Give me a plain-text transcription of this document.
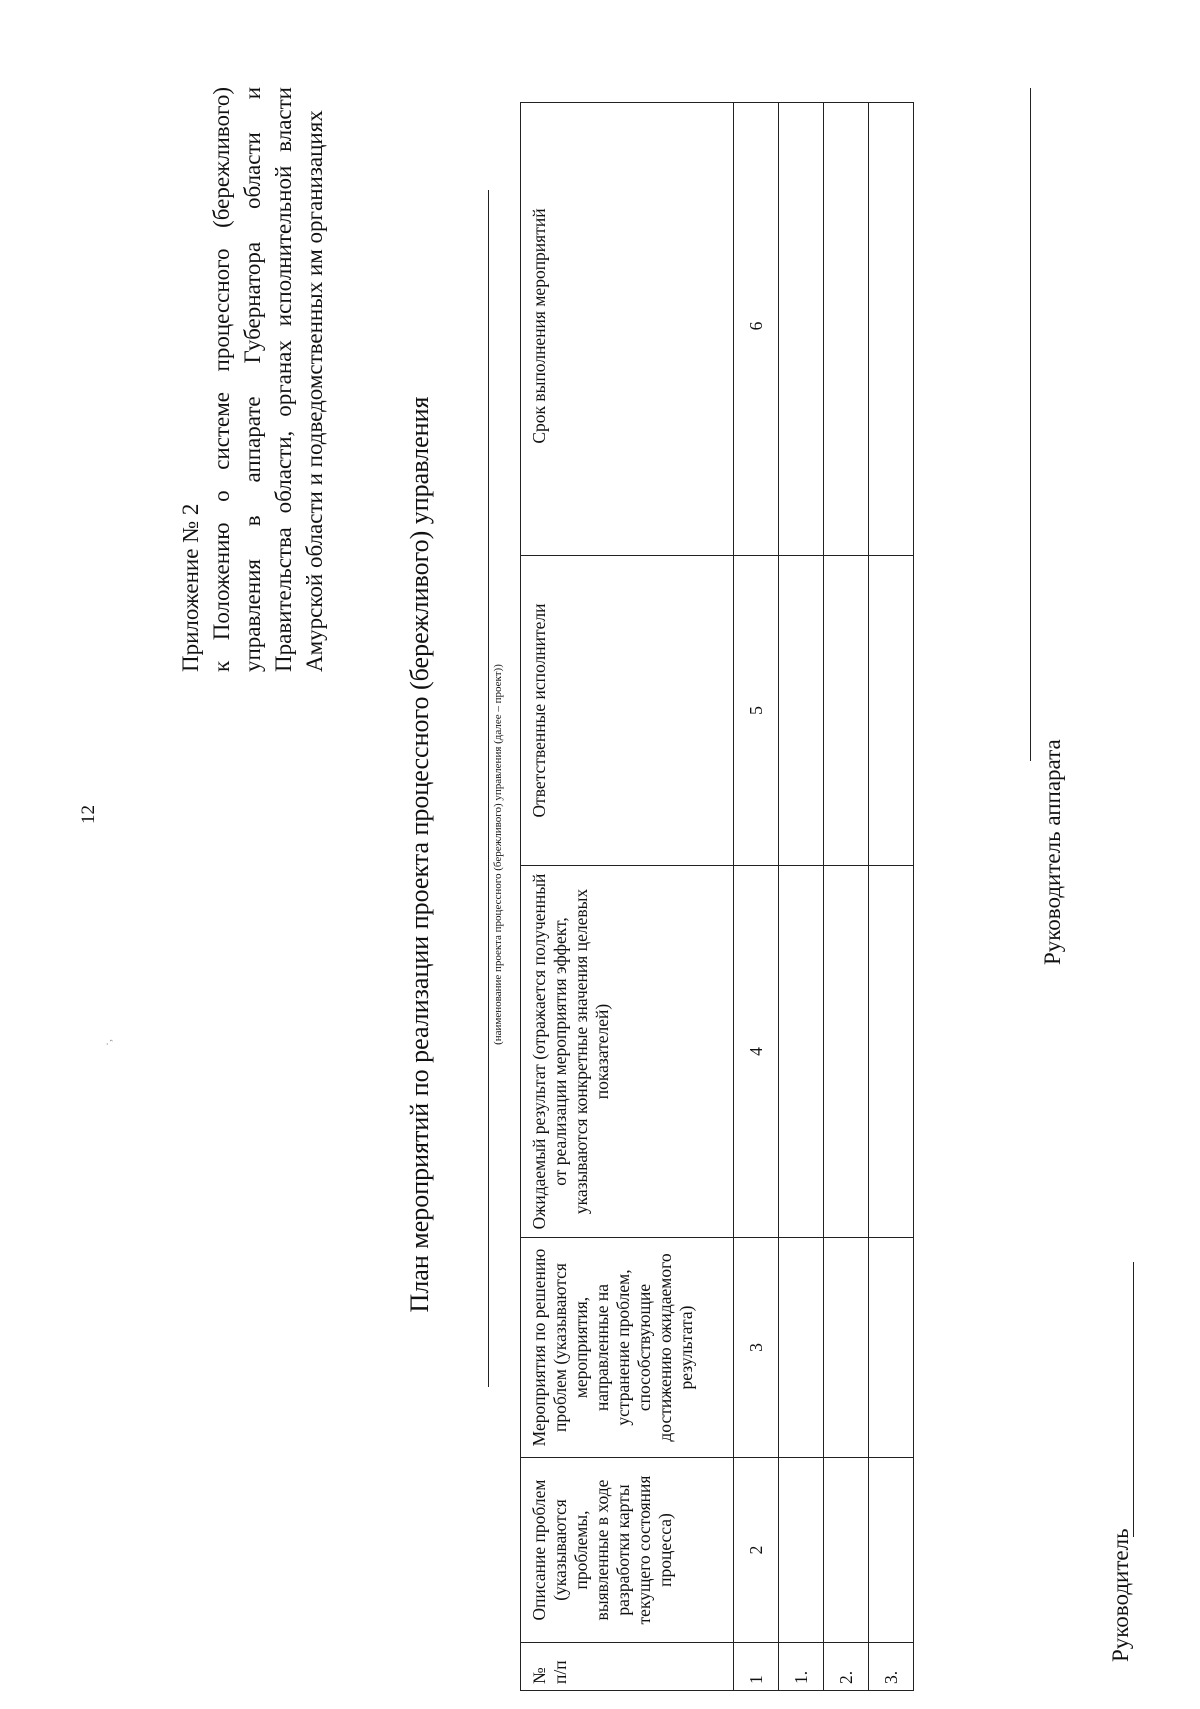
12
·,
Приложение № 2 к Положению о системе процессного (бережливого) управления в аппарате Губернатора области и Правительства области, органах исполнительной власти Амурской области и подведомственных им организациях
План мероприятий по реализации проекта процессного (бережливого) управления	(наименование проекта процессного (бережливого) управления (далее – проект))
№ п/п	Описание проблем (указываются проблемы, выявленные в ходе разработки карты текущего состояния процесса)	Мероприятия по решению проблем (указываются мероприятия, направленные на устранение проблем, способствующие достижению ожидаемого результата)	Ожидаемый результат (отражается полученный от реализации мероприятия эффект, указываются конкретные значения целевых показателей)	Ответственные исполнители	Срок выполнения мероприятий
1	2	3	4	5	6
1.					
2.					
3.					
Руководитель
Руководитель аппарата
